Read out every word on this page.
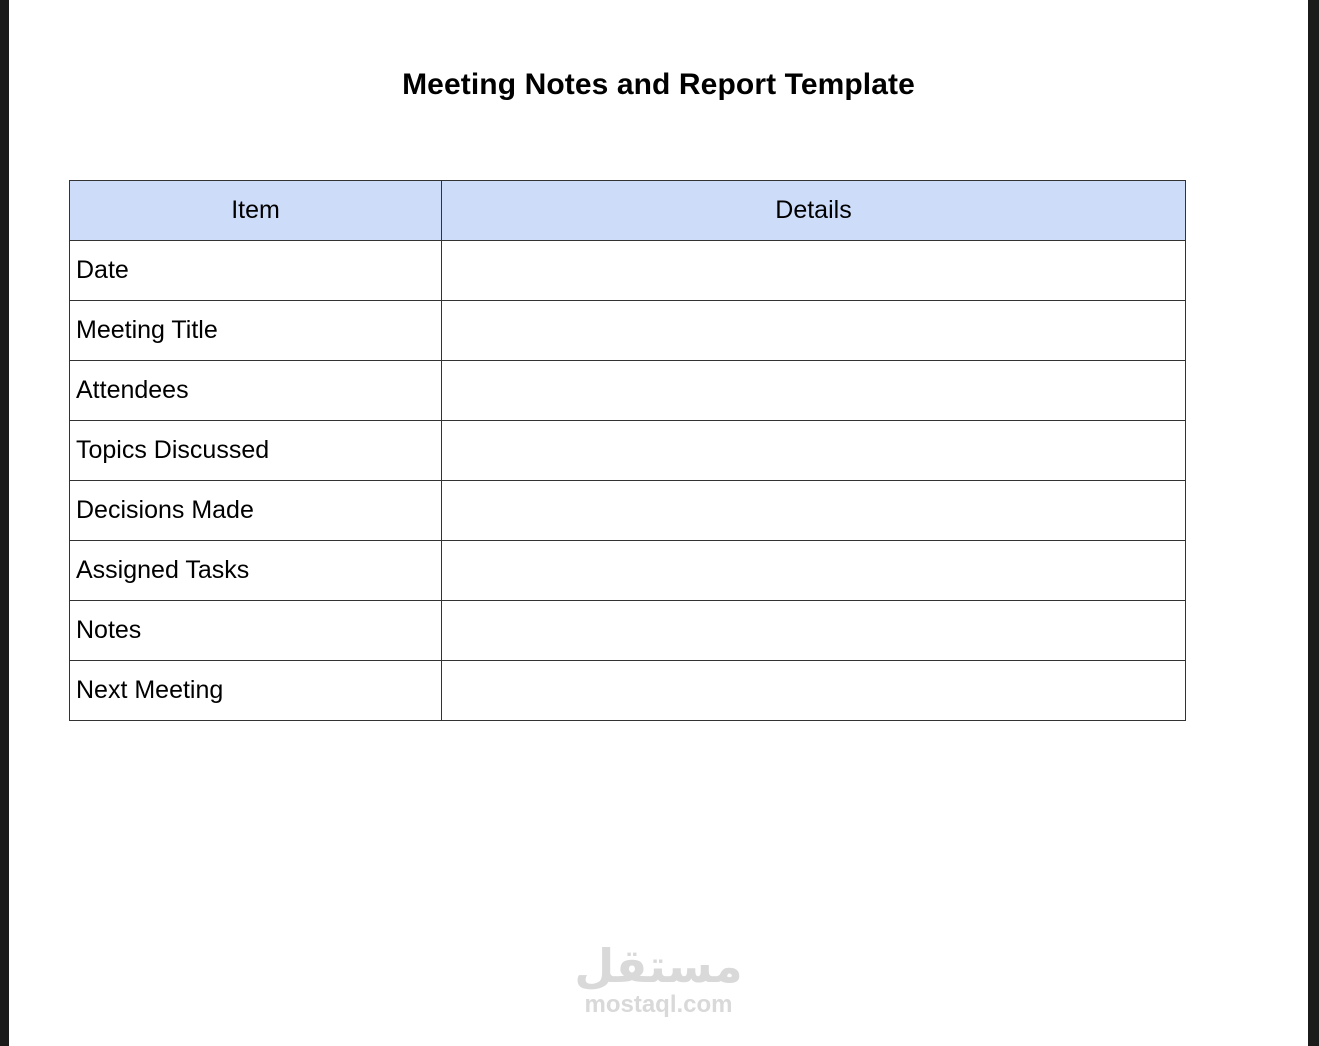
Meeting Notes and Report Template
Item	Details
Date	
Meeting Title	
Attendees	
Topics Discussed	
Decisions Made	
Assigned Tasks	
Notes	
Next Meeting	
مستقل
mostaql.com
